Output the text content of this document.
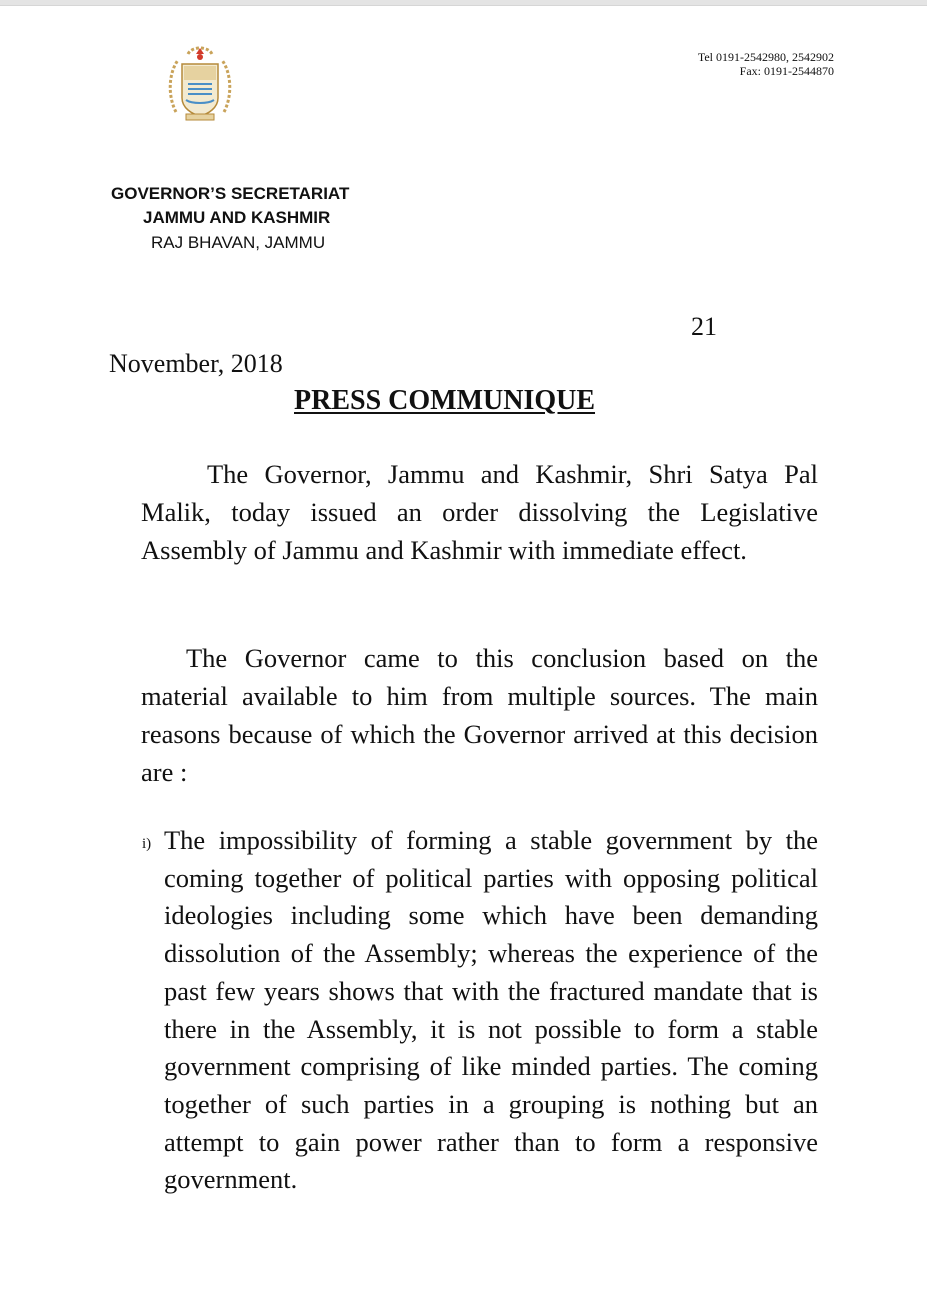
Tel 0191-2542980, 2542902
Fax: 0191-2544870
GOVERNOR’S SECRETARIAT
JAMMU AND KASHMIR
RAJ BHAVAN, JAMMU
21
November, 2018
PRESS COMMUNIQUE
The Governor, Jammu and Kashmir, Shri Satya Pal Malik, today issued an order dissolving the Legislative Assembly of Jammu and Kashmir with immediate effect.
The Governor came to this conclusion based on the material available to him from multiple sources. The main reasons because of which the Governor arrived at this decision are :
i) The impossibility of forming a stable government by the coming together of political parties with opposing political ideologies including some which have been demanding dissolution of the Assembly; whereas the experience of the past few years shows that with the fractured mandate that is there in the Assembly, it is not possible to form a stable government comprising of like minded parties. The coming together of such parties in a grouping is nothing but an attempt to gain power rather than to form a responsive government.
